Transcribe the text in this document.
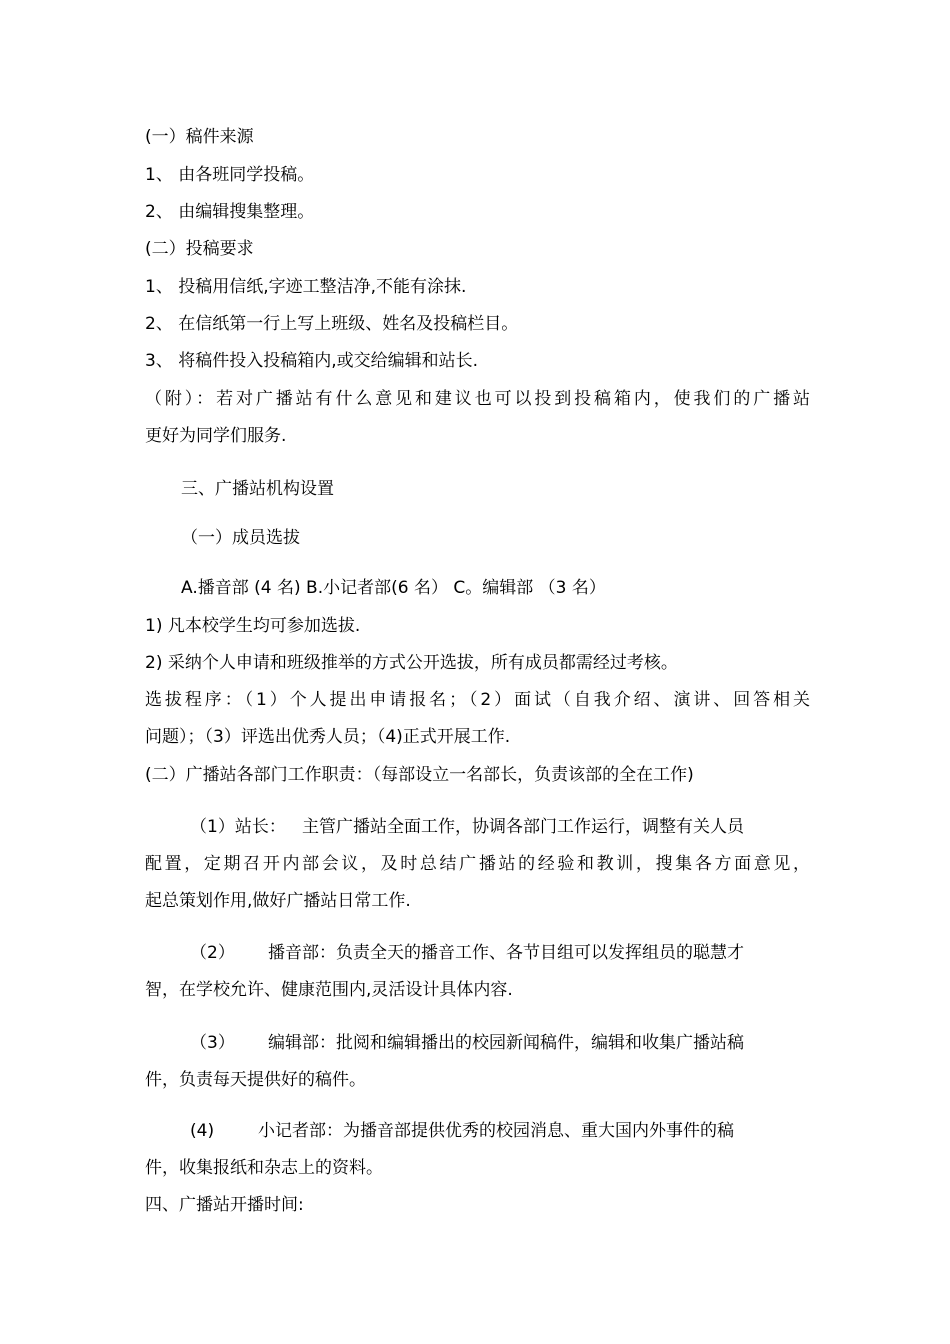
(一）稿件来源
1、 由各班同学投稿。
2、 由编辑搜集整理。
(二）投稿要求
1、 投稿用信纸,字迹工整洁净,不能有涂抹.
2、 在信纸第一行上写上班级、姓名及投稿栏目。
3、 将稿件投入投稿箱内,或交给编辑和站长.
（附）：若对广播站有什么意见和建议也可以投到投稿箱内，使我们的广播站
更好为同学们服务.
三、广播站机构设置
（一）成员选拔
A.播音部 (4 名) B.小记者部(6 名） C。编辑部 （3 名）
1) 凡本校学生均可参加选拔.
2) 采纳个人申请和班级推举的方式公开选拔，所有成员都需经过考核。
选拔程序：（1）个人提出申请报名；（2）面试（自我介绍、演讲、回答相关
问题）；（3）评选出优秀人员；（4)正式开展工作.
(二）广播站各部门工作职责：（每部设立一名部长，负责该部的全在工作)
（1）站长： 主管广播站全面工作，协调各部门工作运行，调整有关人员
配置，定期召开内部会议，及时总结广播站的经验和教训，搜集各方面意见，
起总策划作用,做好广播站日常工作.
（2） 播音部：负责全天的播音工作、各节目组可以发挥组员的聪慧才
智，在学校允许、健康范围内,灵活设计具体内容.
（3） 编辑部：批阅和编辑播出的校园新闻稿件，编辑和收集广播站稿
件，负责每天提供好的稿件。
(4)	小记者部：为播音部提供优秀的校园消息、重大国内外事件的稿
件，收集报纸和杂志上的资料。
四、广播站开播时间:
